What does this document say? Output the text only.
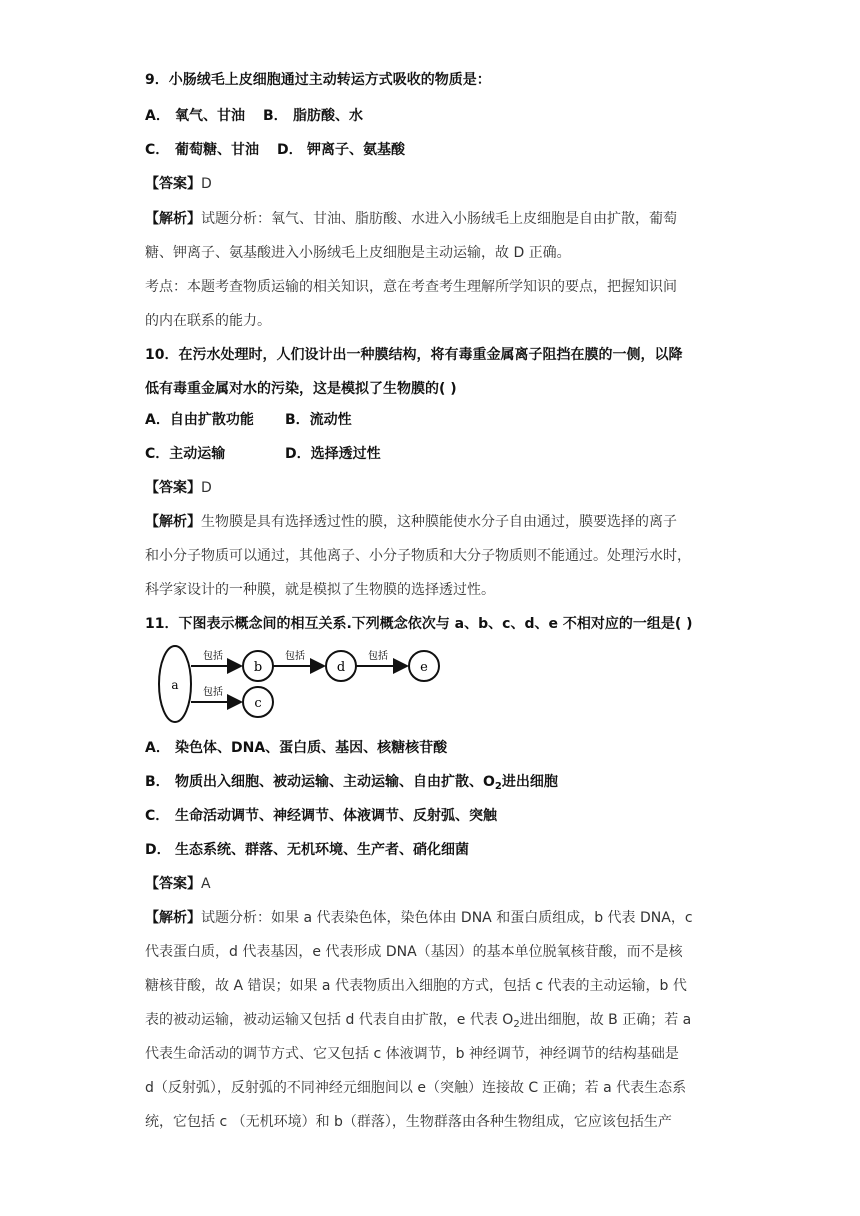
9．小肠绒毛上皮细胞通过主动转运方式吸收的物质是：
A． 氧气、甘油 B． 脂肪酸、水
C． 葡萄糖、甘油 D． 钾离子、氨基酸
【答案】D
【解析】试题分析：氧气、甘油、脂肪酸、水进入小肠绒毛上皮细胞是自由扩散，葡萄
糖、钾离子、氨基酸进入小肠绒毛上皮细胞是主动运输，故 D 正确。
考点：本题考查物质运输的相关知识，意在考查考生理解所学知识的要点，把握知识间
的内在联系的能力。
10．在污水处理时，人们设计出一种膜结构，将有毒重金属离子阻挡在膜的一侧，以降
低有毒重金属对水的污染，这是模拟了生物膜的( )
A．自由扩散功能 B．流动性
C．主动运输	D．选择透过性
【答案】D
【解析】生物膜是具有选择透过性的膜，这种膜能使水分子自由通过，膜要选择的离子
和小分子物质可以通过，其他离子、小分子物质和大分子物质则不能通过。处理污水时，
科学家设计的一种膜，就是模拟了生物膜的选择透过性。
11．下图表示概念间的相互关系.下列概念依次与 a、b、c、d、e 不相对应的一组是( )
a
b
c
d	e
包括	包括	包括
包括
A． 染色体、DNA、蛋白质、基因、核糖核苷酸
B． 物质出入细胞、被动运输、主动运输、自由扩散、$O_2$进出细胞
C． 生命活动调节、神经调节、体液调节、反射弧、突触
D． 生态系统、群落、无机环境、生产者、硝化细菌
【答案】A
【解析】试题分析：如果 a 代表染色体，染色体由 DNA 和蛋白质组成，b 代表 DNA，c
代表蛋白质，d 代表基因，e 代表形成 DNA（基因）的基本单位脱氧核苷酸，而不是核
糖核苷酸，故 A 错误；如果 a 代表物质出入细胞的方式，包括 c 代表的主动运输，b 代
表的被动运输，被动运输又包括 d 代表自由扩散，e 代表 $O_2$进出细胞，故 B 正确；若 a
代表生命活动的调节方式、它又包括 c 体液调节，b 神经调节，神经调节的结构基础是
d（反射弧），反射弧的不同神经元细胞间以 e（突触）连接故 C 正确；若 a 代表生态系
统，它包括 c （无机环境）和 b（群落），生物群落由各种生物组成，它应该包括生产
